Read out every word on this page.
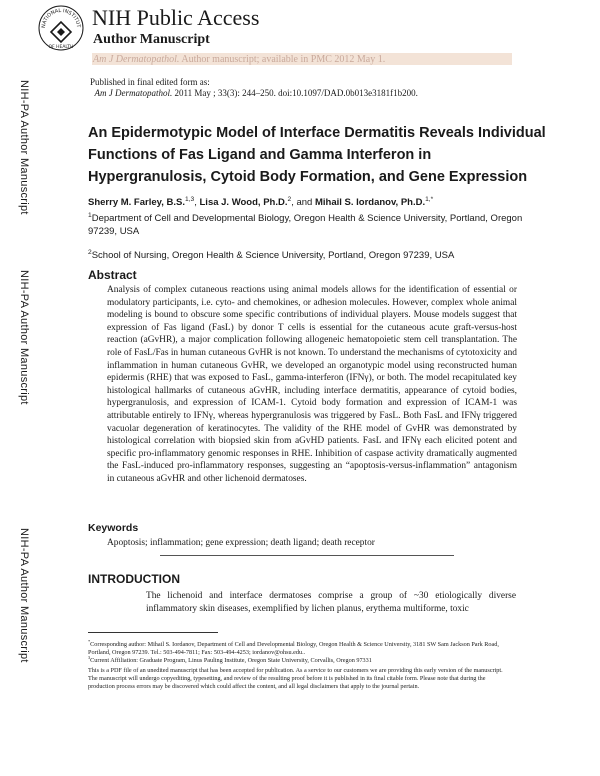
NATIONAL INSTITUT
OF HEALTH
NIH Public Access
Author Manuscript
Am J Dermatopathol. Author manuscript; available in PMC 2012 May 1.
Published in final edited form as:
Am J Dermatopathol. 2011 May ; 33(3): 244–250. doi:10.1097/DAD.0b013e3181f1b200.
NIH-PA Author Manuscript
NIH-PA Author Manuscript
NIH-PA Author Manuscript
An Epidermotypic Model of Interface Dermatitis Reveals Individual Functions of Fas Ligand and Gamma Interferon in Hypergranulosis, Cytoid Body Formation, and Gene Expression
Sherry M. Farley, B.S.$^{1,3}$, Lisa J. Wood, Ph.D.$^2$, and Mihail S. Iordanov, Ph.D.$^{1,*}$
$^1$Department of Cell and Developmental Biology, Oregon Health & Science University, Portland, Oregon 97239, USA
$^2$School of Nursing, Oregon Health & Science University, Portland, Oregon 97239, USA
Abstract
Analysis of complex cutaneous reactions using animal models allows for the identification of essential or modulatory participants, i.e. cyto- and chemokines, or adhesion molecules. However, complex whole animal modeling is bound to obscure some specific contributions of individual players. Mouse models suggest that expression of Fas ligand (FasL) by donor T cells is essential for the cutaneous acute graft-versus-host reaction (aGvHR), a major complication following allogeneic hematopoietic stem cell transplantation. The role of FasL/Fas in human cutaneous GvHR is not known. To understand the mechanisms of cytotoxicity and inflammation in human cutaneous GvHR, we developed an organotypic model using reconstructed human epidermis (RHE) that was exposed to FasL, gamma-interferon (IFNγ), or both. The model recapitulated key histological hallmarks of cutaneous aGvHR, including interface dermatitis, appearance of cytoid bodies, hypergranulosis, and expression of ICAM-1. Cytoid body formation and expression of ICAM-1 was attributable entirely to IFNγ, whereas hypergranulosis was triggered by FasL. Both FasL and IFNγ triggered vacuolar degeneration of keratinocytes. The validity of the RHE model of GvHR was demonstrated by histological correlation with biopsied skin from aGvHD patients. FasL and IFNγ each elicited potent and specific pro-inflammatory genomic responses in RHE. Inhibition of caspase activity dramatically augmented the FasL-induced pro-inflammatory responses, suggesting an “apoptosis-versus-inflammation” antagonism in cutaneous aGvHR and other lichenoid dermatoses.
Keywords
Apoptosis; inflammation; gene expression; death ligand; death receptor
INTRODUCTION
The lichenoid and interface dermatoses comprise a group of ~30 etiologically diverse inflammatory skin diseases, exemplified by lichen planus, erythema multiforme, toxic
*Corresponding author: Mihail S. Iordanov, Department of Cell and Developmental Biology, Oregon Health & Science University, 3181 SW Sam Jackson Park Road, Portland, Oregon 97239. Tel.: 503-494-7811; Fax: 503-494-4253; iordanov@ohsu.edu..
$^3$Current Affiliation: Graduate Program, Linus Pauling Institute, Oregon State University, Corvallis, Oregon 97331
This is a PDF file of an unedited manuscript that has been accepted for publication. As a service to our customers we are providing this early version of the manuscript. The manuscript will undergo copyediting, typesetting, and review of the resulting proof before it is published in its final citable form. Please note that during the production process errors may be discovered which could affect the content, and all legal disclaimers that apply to the journal pertain.
